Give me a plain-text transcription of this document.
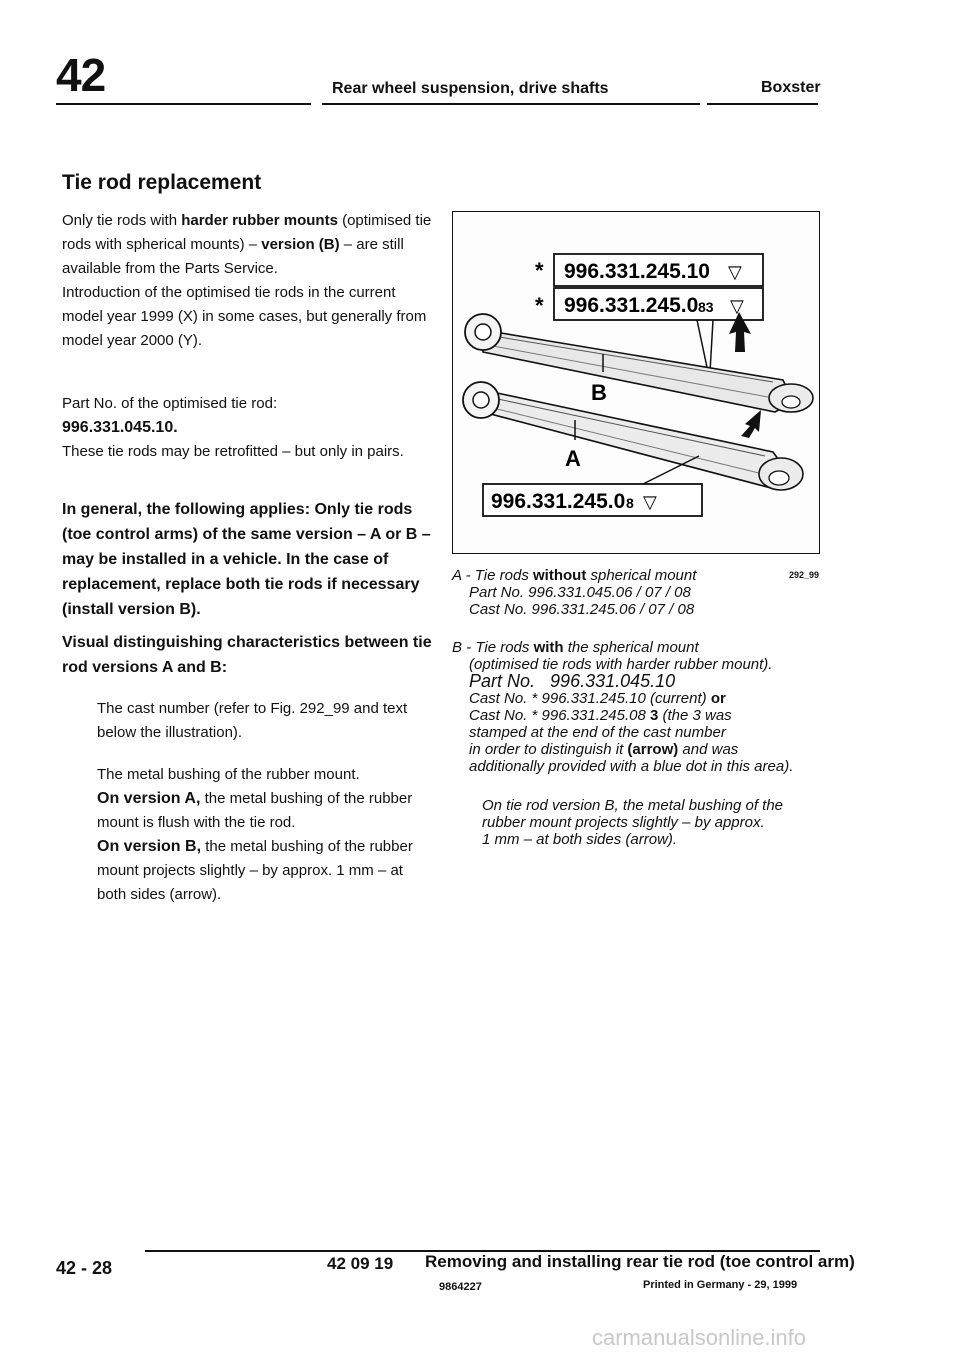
42	Rear wheel suspension, drive shafts	Boxster
Tie rod replacement

Only tie rods with harder rubber mounts (optimised tie rods with spherical mounts) – version (B) – are still available from the Parts Service.

Introduction of the optimised tie rods in the current model year 1999 (X) in some cases, but generally from model year 2000 (Y).

Part No. of the optimised tie rod:

996.331.045.10.

These tie rods may be retrofitted – but only in pairs.

In general, the following applies: Only tie rods (toe control arms) of the same version – A or B – may be installed in a vehicle. In the case of replacement, replace both tie rods if necessary (install version B).

Visual distinguishing characteristics between tie rod versions A and B:

The cast number (refer to Fig. 292_99 and text below the illustration).

The metal bushing of the rubber mount.

On version A, the metal bushing of the rubber mount is flush with the tie rod.

On version B, the metal bushing of the rubber mount projects slightly – by approx. 1 mm – at both sides (arrow).

* 996.331.245.10 ▽
* 996.331.245.0 83 ▽
B
A
996.331.245.0 8 ▽

A - Tie rods without spherical mount

Part No. 996.331.045.06 / 07 / 08

Cast No. 996.331.245.06 / 07 / 08

292_99

B - Tie rods with the spherical mount

(optimised tie rods with harder rubber mount).

Part No. 996.331.045.10

Cast No. * 996.331.245.10 (current) or

Cast No. * 996.331.245.08 3 (the 3 was

stamped at the end of the cast number

in order to distinguish it (arrow) and was

additionally provided with a blue dot in this area).

On tie rod version B, the metal bushing of the

rubber mount projects slightly – by approx.

1 mm – at both sides (arrow).

42 - 28	42 09 19 Removing and installing rear tie rod (toe control arm)
9864227	Printed in Germany - 29, 1999
carmanualsonline.info
